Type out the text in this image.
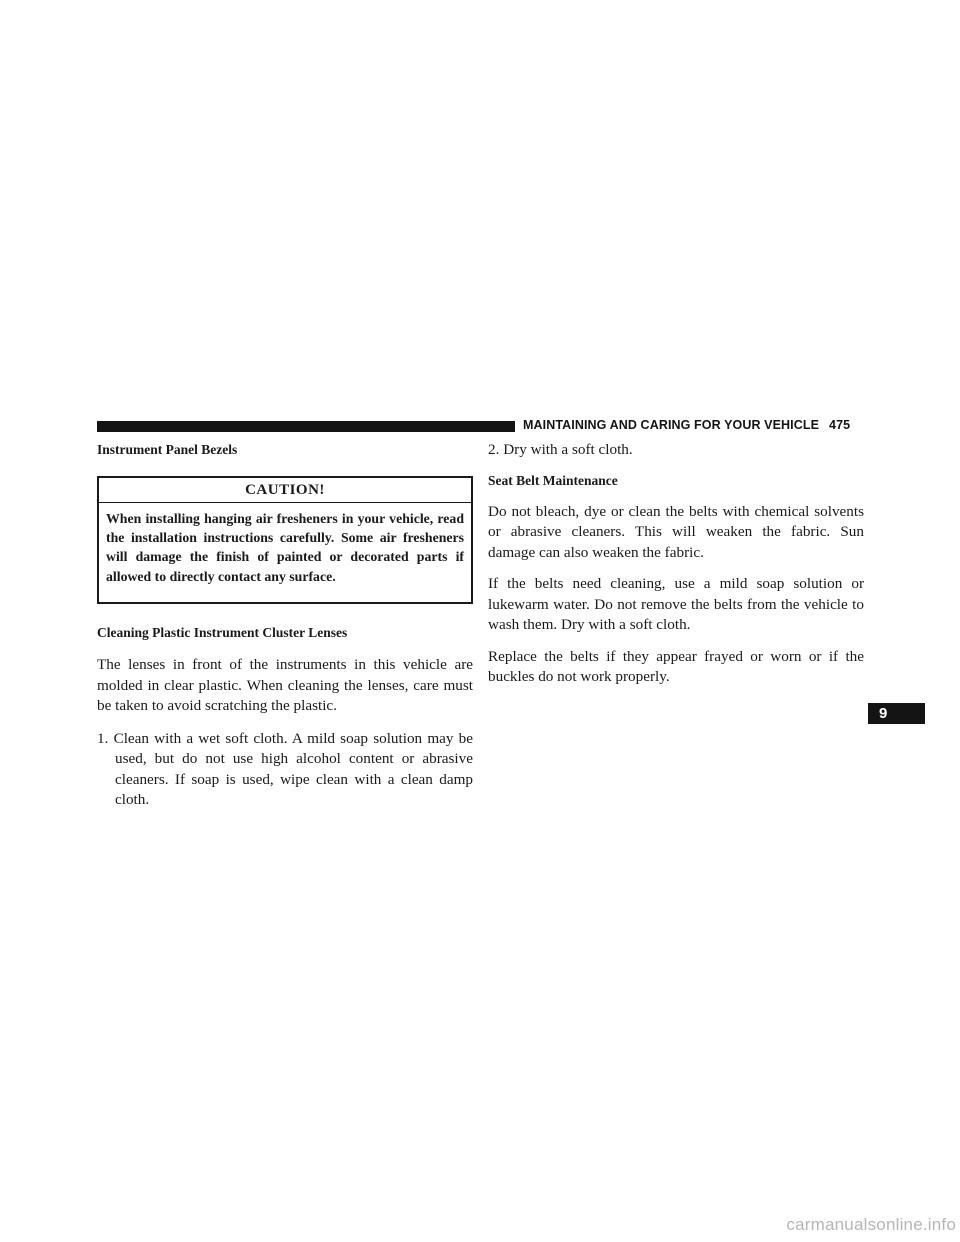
MAINTAINING AND CARING FOR YOUR VEHICLE 475
Instrument Panel Bezels
CAUTION!
When installing hanging air fresheners in your vehicle, read the installation instructions carefully. Some air fresheners will damage the finish of painted or decorated parts if allowed to directly contact any surface.
Cleaning Plastic Instrument Cluster Lenses

The lenses in front of the instruments in this vehicle are molded in clear plastic. When cleaning the lenses, care must be taken to avoid scratching the plastic.

1. Clean with a wet soft cloth. A mild soap solution may be used, but do not use high alcohol content or abrasive cleaners. If soap is used, wipe clean with a clean damp cloth.
2. Dry with a soft cloth.
Seat Belt Maintenance

Do not bleach, dye or clean the belts with chemical solvents or abrasive cleaners. This will weaken the fabric. Sun damage can also weaken the fabric.

If the belts need cleaning, use a mild soap solution or lukewarm water. Do not remove the belts from the vehicle to wash them. Dry with a soft cloth.

Replace the belts if they appear frayed or worn or if the buckles do not work properly.

9
carmanualsonline.info
